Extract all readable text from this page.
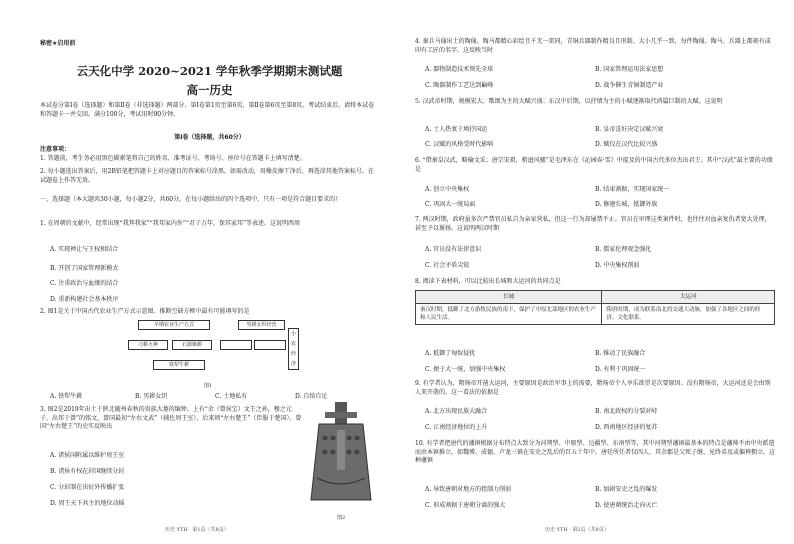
秘密★启用前
云天化中学 2020~2021 学年秋季学期期末测试题
高一历史
本试卷分第Ⅰ卷（选择题）和第Ⅱ卷（非选择题）两部分。第Ⅰ卷第1页至第6页，第Ⅱ卷第6页至第8页。考试结束后，请将本试卷和答题卡一并交回。满分100分，考试用时90分钟。
第Ⅰ卷（选择题，共60分）
注意事项：
1. 答题前，考生务必用黑色碳素笔将自己的姓名、准考证号、考场号、座位号在答题卡上填写清楚。
2. 每小题选出答案后，用2B铅笔把答题卡上对应题目的答案标号涂黑。如需改动，用橡皮擦干净后，再选涂其他答案标号。在试题卷上作答无效。
一、选择题（本大题共30小题，每小题2分，共60分。在每小题给出的四个选项中，只有一项是符合题目要求的）
1. 在周朝的文献中，经常出现“我拜我家”“我邦家内外”“君子万年，保其家邦”等表述。这说明西周
A. 实现禅让与王权相结合
B. 开创了国家管理新模式
C. 注重政治与血缘的结合
D. 重新构建社会基本秩序
2. 图1是关于中国古代农业生产方式示意图。推断空缺方框中最有可能填写的是
早期农业生产方式	男耕女织经营
刀耕火种	石器锄耕
铁犁牛耕
小农经济
图1
A. 铁犁牛耕	B. 男耕女织	C. 土地私有	D. 自给自足
3. 图2是2019年出土于陕北随州春秋的贵族大墓的编钟。上有“余（曾侯宝）文王之孙，穆之元子，出邦于曾”的铭文，曾国最初“左右文武”（辅佐周王室），后来则“左右楚王”（臣服于楚国）。曾国“左右楚王”的史实反映出
图2
A. 诸侯国附属以维护周王室
B. 诸侯有权在封国继续分封
C. 分封制在出征外传播扩张
D. 周王天下共主的地位动摇
历史 YTH · 第1页（共8页）
4. 秦兵马俑出土的陶俑、陶马都精心彩绘且千无一雷同，青铜兵器制作精良且形制、大小几乎一致，每件陶俑、陶马、兵器上都刻有或印有工匠的名字。这反映当时
A. 器物制造技术领先全球	B. 国家管理运用法家思想
C. 陶器制作工艺达到巅峰	D. 战争催生青铜制造产业
5. 汉武帝时期，规模宏大、歌颂为主的大赋兴盛；东汉中后期，以抒情为主的小赋逐渐取代鸿篇巨制的大赋。这说明
A. 士人热衷于填抒国运	B. 皇帝喜好决定汉赋兴衰
C. 汉赋的风格受时代影响	D. 赋仅在汉代比较兴盛
6. “借秦皇汉武，略输文采；唐宗宋祖，稍逊风骚”是毛泽东在《沁园春·雪》中提及的中国古代多位杰出君王。其中“汉武”最主要的功绩是
A. 创立中央集权	B. 结束割据，实现国家统一
C. 巩固大一统局面	D. 修建长城，抵御外族
7. 两汉时期，政府虽多次严禁官员私自为亲家营私，但这一行为却屡禁不止。官员在审理这类案件时，也往往对血亲复仇者宽大处理，甚至予以褒扬。这说明两汉时期
A. 官员没有法律意识	B. 儒家伦理观念强化
C. 社会矛盾尖锐	D. 中央集权削弱
8. 阅读下表材料，可以比较出长城和大运河的共同点是
长城	大运河
秦汉时期，抵御了北方游牧民族的南下，保护了中原北部地区的农业生产和人民生活。	隋唐时期，成为联系南北的交通大动脉，加强了各地区之间的经济、文化联系。
A. 抵御了匈奴侵扰	B. 推动了民族融合
C. 便于大一统，加强中央集权	D. 有利于巩固统一
9. 有学者认为，隋炀帝开凿大运河，主要原因是政治军事上的需要，隋炀帝个人享乐欲望是次要原因。没有隋炀帝，大运河还是会由别人来开凿的。这一看法的依据是
A. 北方出现民族大融合	B. 南北政权的分裂对峙
C. 江南经济地位的上升	D. 西南地区经济的复苏
10. 有学者把唐代的藩镇根据分布特点大致分为河朔型、中原型、边疆型、东南型等，其中河朔型藩镇最基本的特点是藩帅不由中央派遣而由本镇推立，如魏博、成德、卢龙三镇在安史之乱后的百五十年中，唐廷所任者仅四人，其余都是父死子继、兄终弟及或偏裨拥立。这种藩镇
A. 导致唐朝对地方的控制力削弱	B. 加剧安史之乱的爆发
C. 形成割据于唐朝分离的强大	D. 使唐朝统治走向灭亡
历史 YTH · 第2页（共8页）
